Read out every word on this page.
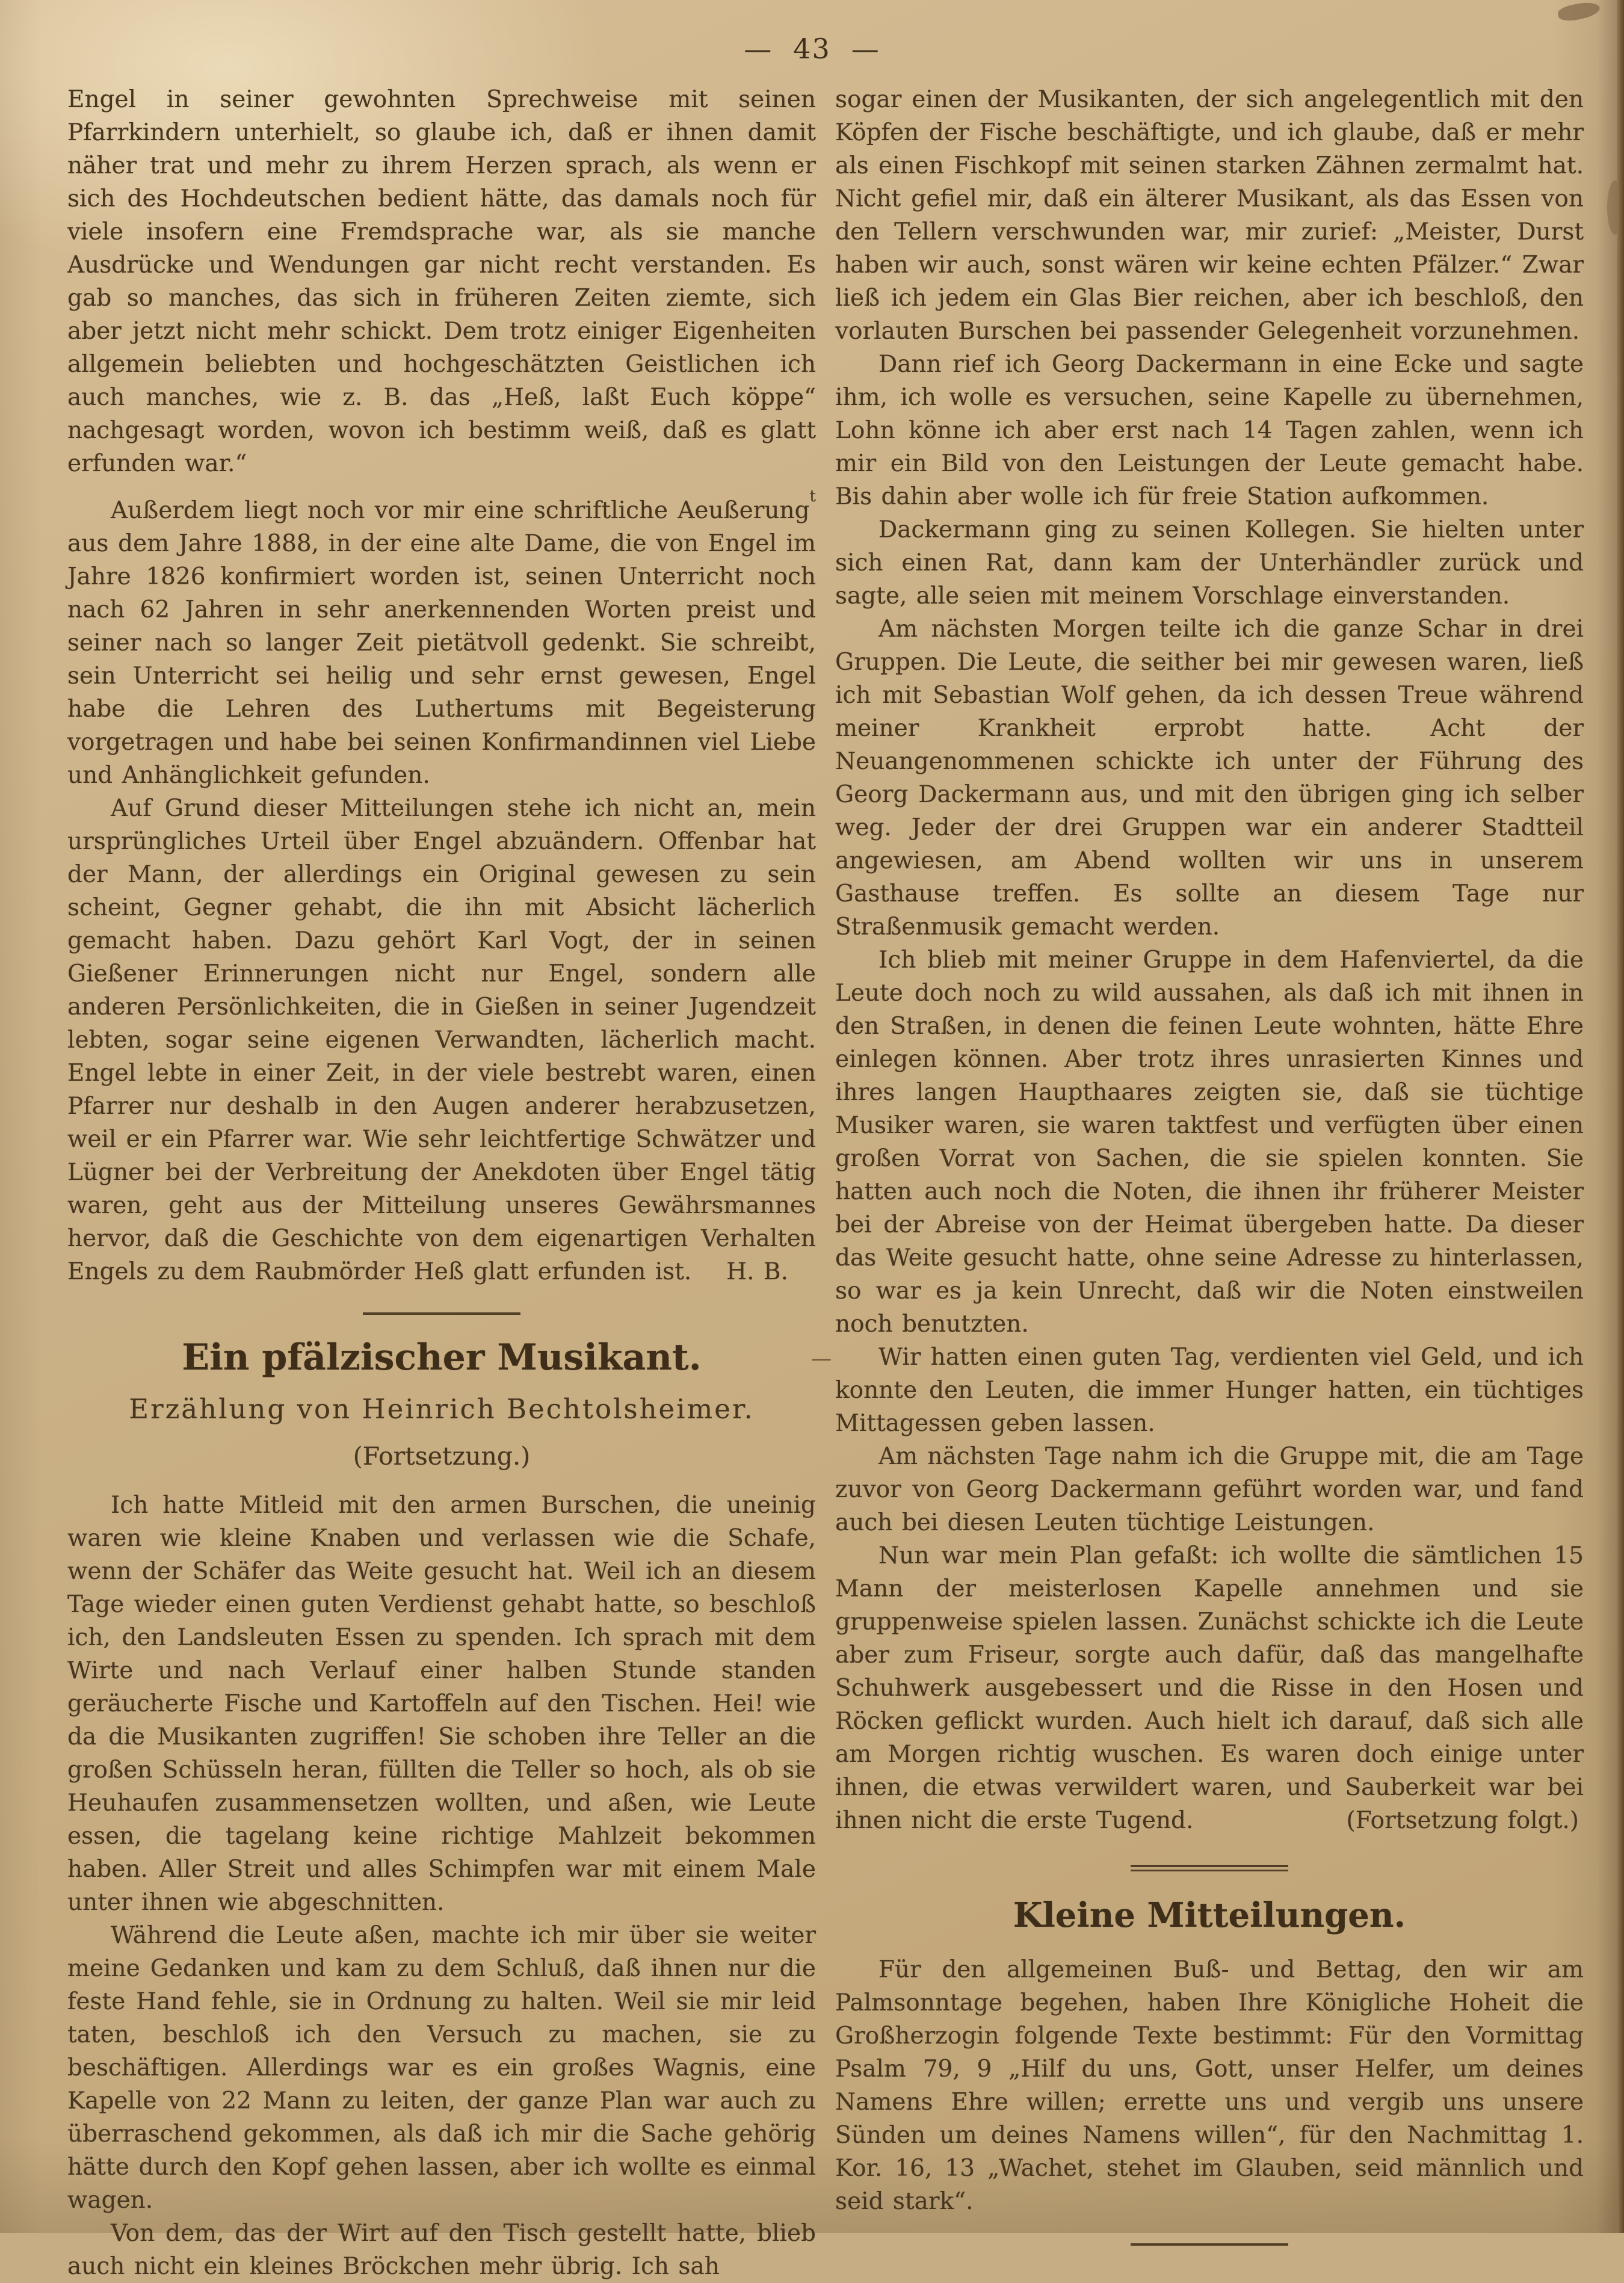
— 43 —

Engel in seiner gewohnten Sprechweise mit seinen Pfarrkindern unterhielt, so glaube ich, daß er ihnen damit näher trat und mehr zu ihrem Herzen sprach, als wenn er sich des Hochdeutschen bedient hätte, das damals noch für viele insofern eine Fremdsprache war, als sie manche Ausdrücke und Wendungen gar nicht recht verstanden. Es gab so manches, das sich in früheren Zeiten ziemte, sich aber jetzt nicht mehr schickt. Dem trotz einiger Eigenheiten allgemein beliebten und hochgeschätzten Geistlichen ich auch manches, wie z. B. das „Heß, laßt Euch köppe“ nachgesagt worden, wovon ich bestimm weiß, daß es glatt erfunden war.“

Außerdem liegt noch vor mir eine schriftliche Aeußerung$^t$ aus dem Jahre 1888, in der eine alte Dame, die von Engel im Jahre 1826 konfirmiert worden ist, seinen Unterricht noch nach 62 Jahren in sehr anerkennenden Worten preist und seiner nach so langer Zeit pietätvoll gedenkt. Sie schreibt, sein Unterricht sei heilig und sehr ernst gewesen, Engel habe die Lehren des Luthertums mit Begeisterung vorgetragen und habe bei seinen Konfirmandinnen viel Liebe und Anhänglichkeit gefunden.

Auf Grund dieser Mitteilungen stehe ich nicht an, mein ursprüngliches Urteil über Engel abzuändern. Offenbar hat der Mann, der allerdings ein Original gewesen zu sein scheint, Gegner gehabt, die ihn mit Absicht lächerlich gemacht haben. Dazu gehört Karl Vogt, der in seinen Gießener Erinnerungen nicht nur Engel, sondern alle anderen Persönlichkeiten, die in Gießen in seiner Jugendzeit lebten, sogar seine eigenen Verwandten, lächerlich macht. Engel lebte in einer Zeit, in der viele bestrebt waren, einen Pfarrer nur deshalb in den Augen anderer herabzusetzen, weil er ein Pfarrer war. Wie sehr leichtfertige Schwätzer und Lügner bei der Verbreitung der Anekdoten über Engel tätig waren, geht aus der Mitteilung unseres Gewährsmannes hervor, daß die Geschichte von dem eigenartigen Verhalten Engels zu dem Raubmörder Heß glatt erfunden ist. H. B.

Ein pfälzischer Musikant.
Erzählung von Heinrich Bechtolsheimer.
(Fortsetzung.)

Ich hatte Mitleid mit den armen Burschen, die uneinig waren wie kleine Knaben und verlassen wie die Schafe, wenn der Schäfer das Weite gesucht hat. Weil ich an diesem Tage wieder einen guten Verdienst gehabt hatte, so beschloß ich, den Landsleuten Essen zu spenden. Ich sprach mit dem Wirte und nach Verlauf einer halben Stunde standen geräucherte Fische und Kartoffeln auf den Tischen. Hei! wie da die Musikanten zugriffen! Sie schoben ihre Teller an die großen Schüsseln heran, füllten die Teller so hoch, als ob sie Heuhaufen zusammensetzen wollten, und aßen, wie Leute essen, die tagelang keine richtige Mahlzeit bekommen haben. Aller Streit und alles Schimpfen war mit einem Male unter ihnen wie abgeschnitten.

Während die Leute aßen, machte ich mir über sie weiter meine Gedanken und kam zu dem Schluß, daß ihnen nur die feste Hand fehle, sie in Ordnung zu halten. Weil sie mir leid taten, beschloß ich den Versuch zu machen, sie zu beschäftigen. Allerdings war es ein großes Wagnis, eine Kapelle von 22 Mann zu leiten, der ganze Plan war auch zu überraschend gekommen, als daß ich mir die Sache gehörig hätte durch den Kopf gehen lassen, aber ich wollte es einmal wagen.

Von dem, das der Wirt auf den Tisch gestellt hatte, blieb auch nicht ein kleines Bröckchen mehr übrig. Ich sah

sogar einen der Musikanten, der sich angelegentlich mit den Köpfen der Fische beschäftigte, und ich glaube, daß er mehr als einen Fischkopf mit seinen starken Zähnen zermalmt hat. Nicht gefiel mir, daß ein älterer Musikant, als das Essen von den Tellern verschwunden war, mir zurief: „Meister, Durst haben wir auch, sonst wären wir keine echten Pfälzer.“ Zwar ließ ich jedem ein Glas Bier reichen, aber ich beschloß, den vorlauten Burschen bei passender Gelegenheit vorzunehmen.

Dann rief ich Georg Dackermann in eine Ecke und sagte ihm, ich wolle es versuchen, seine Kapelle zu übernehmen, Lohn könne ich aber erst nach 14 Tagen zahlen, wenn ich mir ein Bild von den Leistungen der Leute gemacht habe. Bis dahin aber wolle ich für freie Station aufkommen.

Dackermann ging zu seinen Kollegen. Sie hielten unter sich einen Rat, dann kam der Unterhändler zurück und sagte, alle seien mit meinem Vorschlage einverstanden.

Am nächsten Morgen teilte ich die ganze Schar in drei Gruppen. Die Leute, die seither bei mir gewesen waren, ließ ich mit Sebastian Wolf gehen, da ich dessen Treue während meiner Krankheit erprobt hatte. Acht der Neuangenommenen schickte ich unter der Führung des Georg Dackermann aus, und mit den übrigen ging ich selber weg. Jeder der drei Gruppen war ein anderer Stadtteil angewiesen, am Abend wollten wir uns in unserem Gasthause treffen. Es sollte an diesem Tage nur Straßenmusik gemacht werden.

Ich blieb mit meiner Gruppe in dem Hafenviertel, da die Leute doch noch zu wild aussahen, als daß ich mit ihnen in den Straßen, in denen die feinen Leute wohnten, hätte Ehre einlegen können. Aber trotz ihres unrasierten Kinnes und ihres langen Haupthaares zeigten sie, daß sie tüchtige Musiker waren, sie waren taktfest und verfügten über einen großen Vorrat von Sachen, die sie spielen konnten. Sie hatten auch noch die Noten, die ihnen ihr früherer Meister bei der Abreise von der Heimat übergeben hatte. Da dieser das Weite gesucht hatte, ohne seine Adresse zu hinterlassen, so war es ja kein Unrecht, daß wir die Noten einstweilen noch benutzten.

Wir hatten einen guten Tag, verdienten viel Geld, und ich konnte den Leuten, die immer Hunger hatten, ein tüchtiges Mittagessen geben lassen.

Am nächsten Tage nahm ich die Gruppe mit, die am Tage zuvor von Georg Dackermann geführt worden war, und fand auch bei diesen Leuten tüchtige Leistungen.

Nun war mein Plan gefaßt: ich wollte die sämtlichen 15 Mann der meisterlosen Kapelle annehmen und sie gruppenweise spielen lassen. Zunächst schickte ich die Leute aber zum Friseur, sorgte auch dafür, daß das mangelhafte Schuhwerk ausgebessert und die Risse in den Hosen und Röcken geflickt wurden. Auch hielt ich darauf, daß sich alle am Morgen richtig wuschen. Es waren doch einige unter ihnen, die etwas verwildert waren, und Sauberkeit war bei ihnen nicht die erste Tugend.	(Fortsetzung folgt.)

Kleine Mitteilungen.

Für den allgemeinen Buß- und Bettag, den wir am Palmsonntage begehen, haben Ihre Königliche Hoheit die Großherzogin folgende Texte bestimmt: Für den Vormittag Psalm 79, 9 „Hilf du uns, Gott, unser Helfer, um deines Namens Ehre willen; errette uns und vergib uns unsere Sünden um deines Namens willen“, für den Nachmittag 1. Kor. 16, 13 „Wachet, stehet im Glauben, seid männlich und seid stark“.

—
